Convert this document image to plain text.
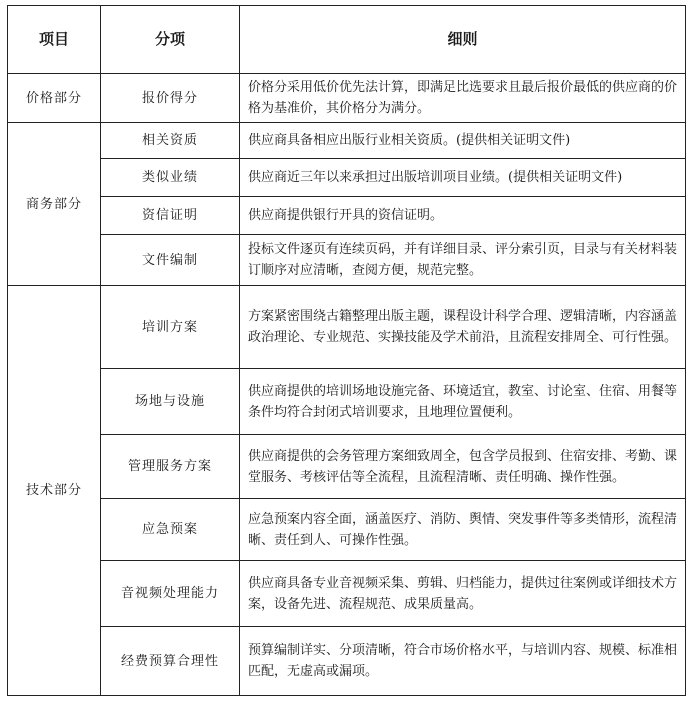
项目	分项	细则
价格部分	报价得分	价格分采用低价优先法计算，即满足比选要求且最后报价最低的供应商的价格为基准价，其价格分为满分。
商务部分	相关资质	供应商具备相应出版行业相关资质。(提供相关证明文件)
	类似业绩	供应商近三年以来承担过出版培训项目业绩。(提供相关证明文件)
	资信证明	供应商提供银行开具的资信证明。
	文件编制	投标文件逐页有连续页码，并有详细目录、评分索引页，目录与有关材料装订顺序对应清晰，查阅方便，规范完整。
技术部分	培训方案	方案紧密围绕古籍整理出版主题，课程设计科学合理、逻辑清晰，内容涵盖政治理论、专业规范、实操技能及学术前沿，且流程安排周全、可行性强。
	场地与设施	供应商提供的培训场地设施完备、环境适宜，教室、讨论室、住宿、用餐等条件均符合封闭式培训要求，且地理位置便利。
	管理服务方案	供应商提供的会务管理方案细致周全，包含学员报到、住宿安排、考勤、课堂服务、考核评估等全流程，且流程清晰、责任明确、操作性强。
	应急预案	应急预案内容全面，涵盖医疗、消防、舆情、突发事件等多类情形，流程清晰、责任到人、可操作性强。
	音视频处理能力	供应商具备专业音视频采集、剪辑、归档能力，提供过往案例或详细技术方案，设备先进、流程规范、成果质量高。
	经费预算合理性	预算编制详实、分项清晰，符合市场价格水平，与培训内容、规模、标准相匹配，无虚高或漏项。
